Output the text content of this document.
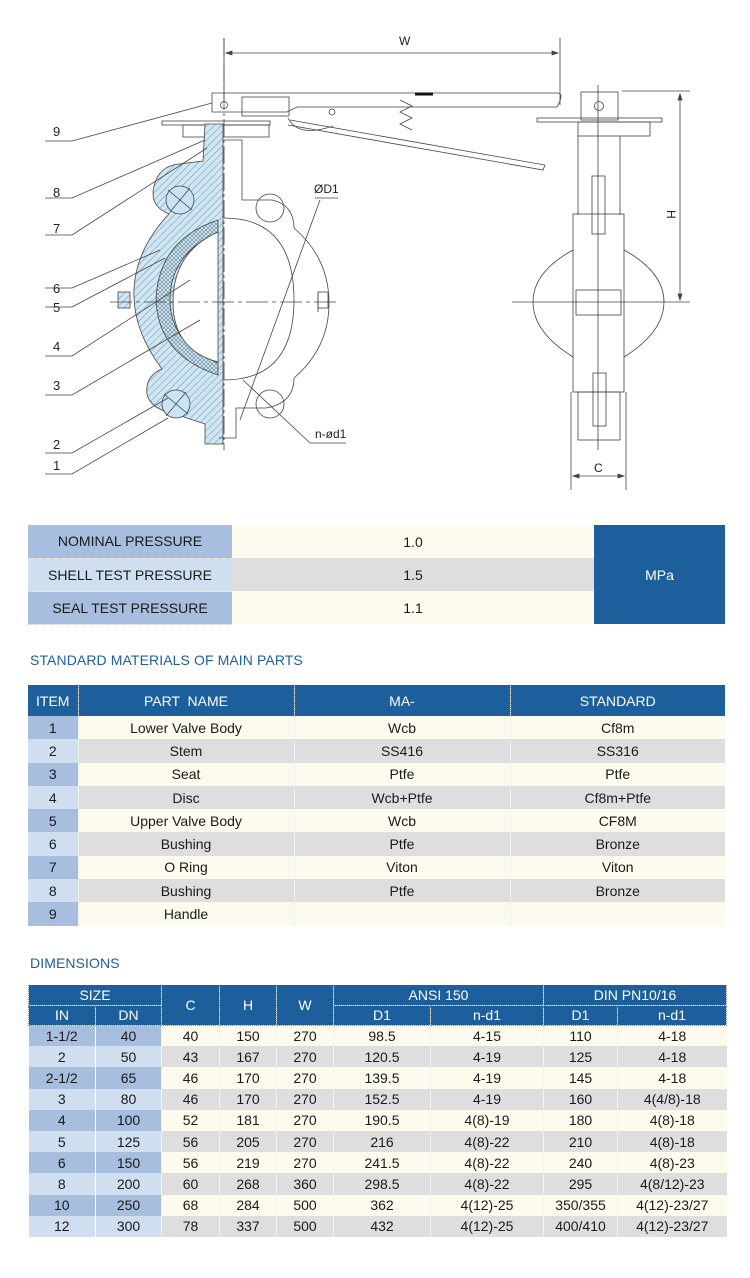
W
H
C
ØD1
n-ød1
9
8
7
6
5
4
3
2
1
NOMINAL PRESSURE	1.0	MPa
SHELL TEST PRESSURE	1.5	
SEAL TEST PRESSURE	1.1	
STANDARD MATERIALS OF MAIN PARTS
ITEM	PART  NAME	MA-	STANDARD
1	Lower Valve Body	Wcb	Cf8m
2	Stem	SS416	SS316
3	Seat	Ptfe	Ptfe
4	Disc	Wcb+Ptfe	Cf8m+Ptfe
5	Upper Valve Body	Wcb	CF8M
6	Bushing	Ptfe	Bronze
7	O Ring	Viton	Viton
8	Bushing	Ptfe	Bronze
9	Handle		
DIMENSIONS
SIZE		C	H	W	ANSI 150		DIN PN10/16	
IN	DN				D1	n-d1	D1	n-d1
1-1/2	40	40	150	270	98.5	4-15	110	4-18
2	50	43	167	270	120.5	4-19	125	4-18
2-1/2	65	46	170	270	139.5	4-19	145	4-18
3	80	46	170	270	152.5	4-19	160	4(4/8)-18
4	100	52	181	270	190.5	4(8)-19	180	4(8)-18
5	125	56	205	270	216	4(8)-22	210	4(8)-18
6	150	56	219	270	241.5	4(8)-22	240	4(8)-23
8	200	60	268	360	298.5	4(8)-22	295	4(8/12)-23
10	250	68	284	500	362	4(12)-25	350/355	4(12)-23/27
12	300	78	337	500	432	4(12)-25	400/410	4(12)-23/27
